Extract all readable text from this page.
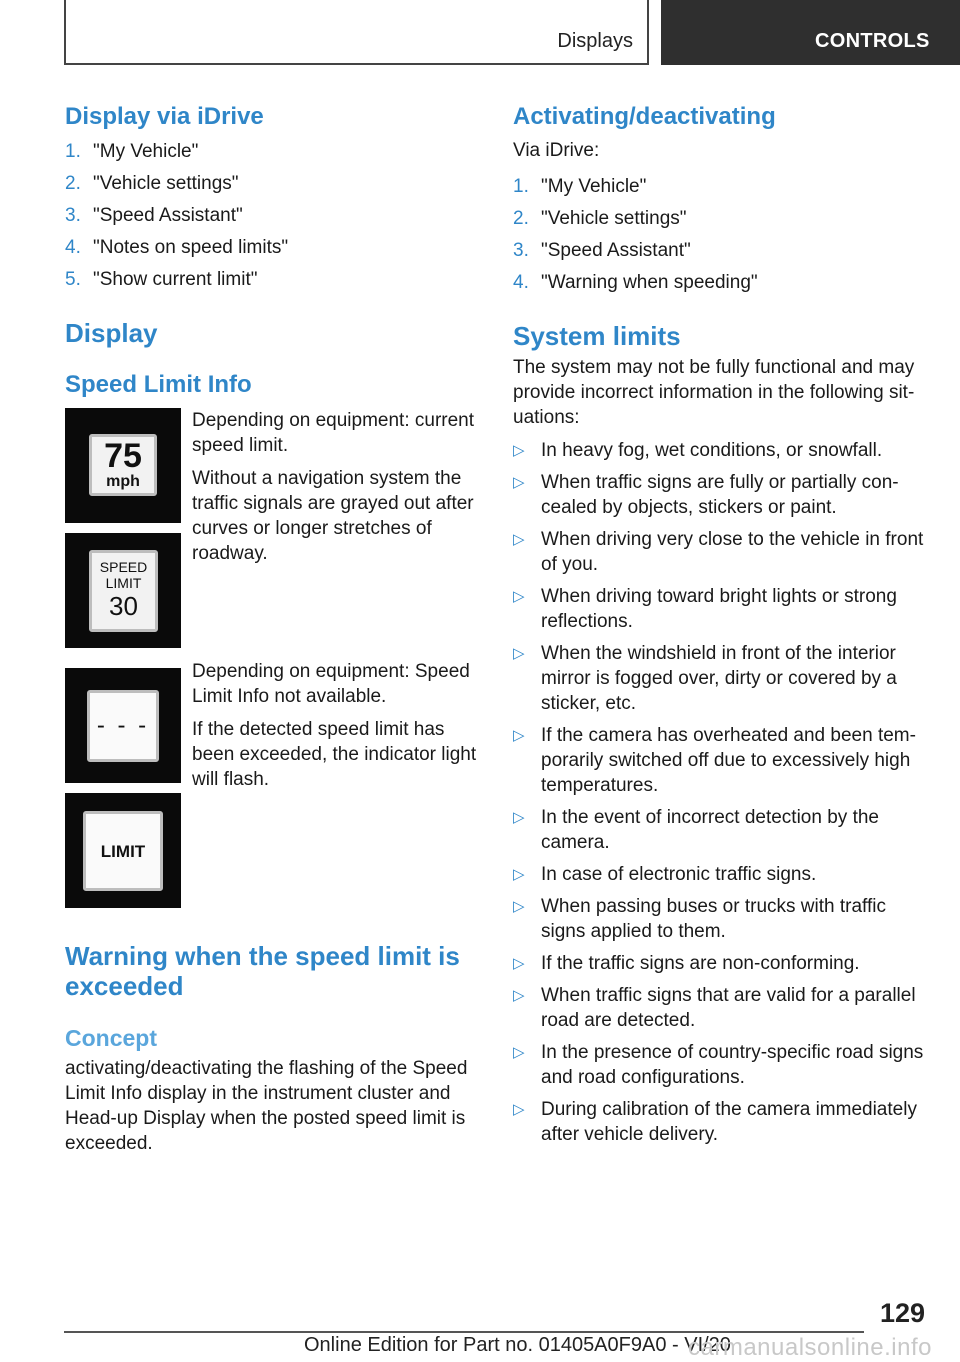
Displays	CONTROLS
Display via iDrive
1. "My Vehicle"
2. "Vehicle settings"
3. "Speed Assistant"
4. "Notes on speed limits"
5. "Show current limit"
Display
Speed Limit Info
75
mph
SPEED
LIMIT
30
- - -
LIMIT
Depending on equipment: current speed limit.
Without a navigation system the traffic signals are grayed out after curves or longer stretches of roadway.
Depending on equipment: Speed Limit Info not available.
If the detected speed limit has been exceeded, the indicator light will flash.
Warning when the speed limit is exceeded
Concept
activating/deactivating the flashing of the Speed Limit Info display in the instrument cluster and Head-up Display when the posted speed limit is exceeded.
Activating/deactivating
Via iDrive:
1. "My Vehicle"
2. "Vehicle settings"
3. "Speed Assistant"
4. "Warning when speeding"
System limits
The system may not be fully functional and may provide incorrect information in the following situations:
▷ In heavy fog, wet conditions, or snowfall.
▷ When traffic signs are fully or partially concealed by objects, stickers or paint.
▷ When driving very close to the vehicle in front of you.
▷ When driving toward bright lights or strong reflections.
▷ When the windshield in front of the interior mirror is fogged over, dirty or covered by a sticker, etc.
▷ If the camera has overheated and been temporarily switched off due to excessively high temperatures.
▷ In the event of incorrect detection by the camera.
▷ In case of electronic traffic signs.
▷ When passing buses or trucks with traffic signs applied to them.
▷ If the traffic signs are non-conforming.
▷ When traffic signs that are valid for a parallel road are detected.
▷ In the presence of country-specific road signs and road configurations.
▷ During calibration of the camera immediately after vehicle delivery.
129
Online Edition for Part no. 01405A0F9A0 - VI/20
carmanualsonline.info
